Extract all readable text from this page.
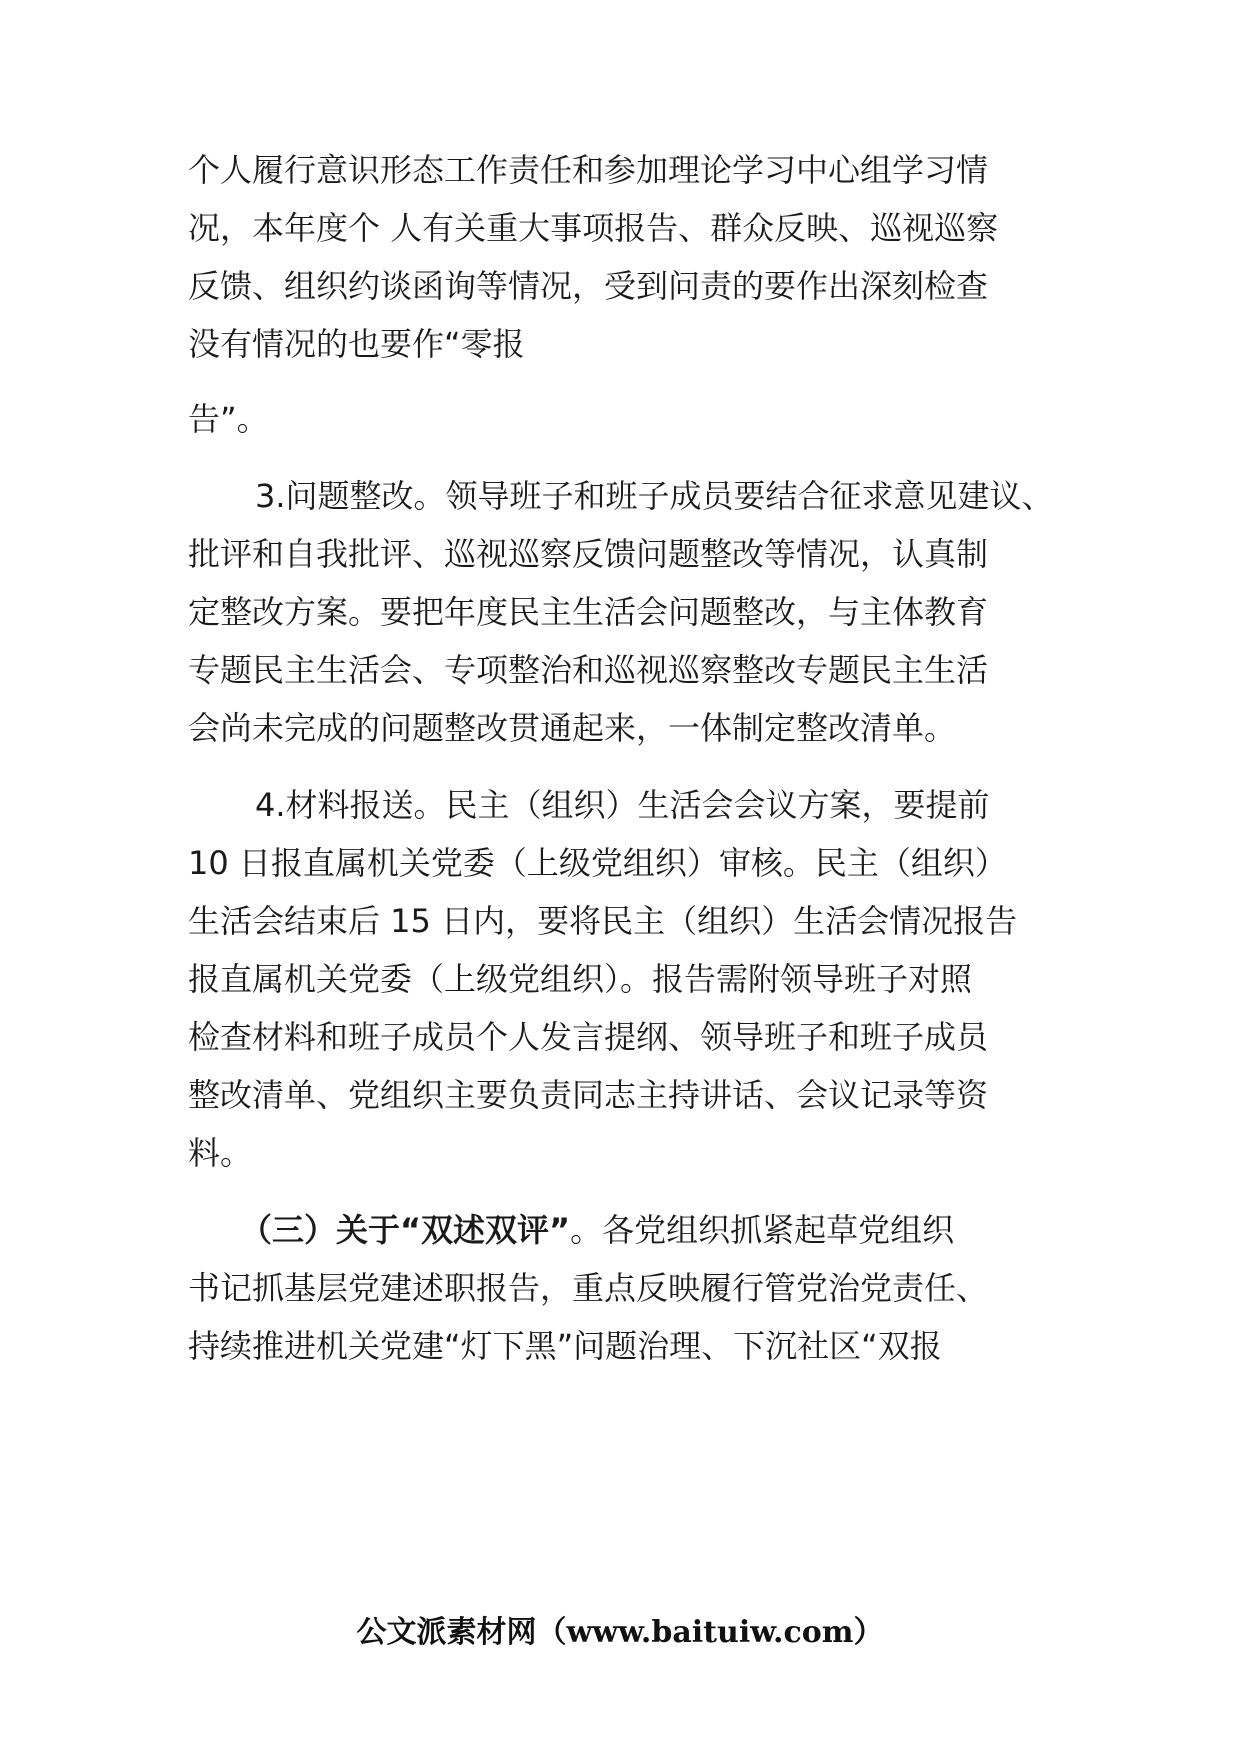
个人履行意识形态工作责任和参加理论学习中心组学习情
况，本年度个 人有关重大事项报告、群众反映、巡视巡察
反馈、组织约谈函询等情况，受到问责的要作出深刻检查
没有情况的也要作“零报
告”。
3.问题整改。领导班子和班子成员要结合征求意见建议、
批评和自我批评、巡视巡察反馈问题整改等情况，认真制
定整改方案。要把年度民主生活会问题整改，与主体教育
专题民主生活会、专项整治和巡视巡察整改专题民主生活
会尚未完成的问题整改贯通起来，一体制定整改清单。
4.材料报送。民主（组织）生活会会议方案，要提前
10 日报直属机关党委（上级党组织）审核。民主（组织）
生活会结束后 15 日内，要将民主（组织）生活会情况报告
报直属机关党委（上级党组织）。报告需附领导班子对照
检查材料和班子成员个人发言提纲、领导班子和班子成员
整改清单、党组织主要负责同志主持讲话、会议记录等资
料。
（三）关于“双述双评”。各党组织抓紧起草党组织
书记抓基层党建述职报告，重点反映履行管党治党责任、
持续推进机关党建“灯下黑”问题治理、下沉社区“双报
公文派素材网（www.baituiw.com）
